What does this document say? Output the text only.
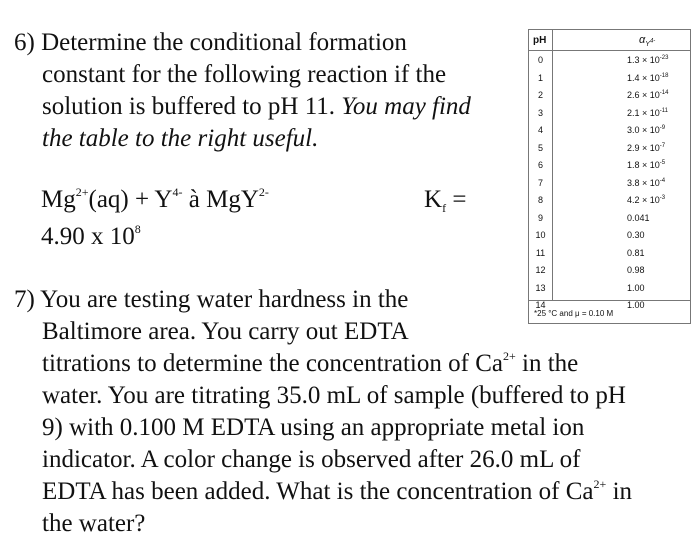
6) Determine the conditional formation
constant for the following reaction if the
solution is buffered to pH 11. You may find
the table to the right useful.
$Mg^{2+}(aq) + Y^{4-}$ à MgY$^{2-}$	$K_f$ =
4.90 x $10^8$
pH	$\alpha_{Y^{4-}}$
0	$1.3 \times 10^{-23}$
1	$1.4 \times 10^{-18}$
2	$2.6 \times 10^{-14}$
3	$2.1 \times 10^{-11}$
4	$3.0 \times 10^{-9}$
5	$2.9 \times 10^{-7}$
6	$1.8 \times 10^{-5}$
7	$3.8 \times 10^{-4}$
8	$4.2 \times 10^{-3}$
9	0.041
10	0.30
11	0.81
12	0.98
13	1.00
14	1.00
*25 °C and μ = 0.10 M
7) You are testing water hardness in the
Baltimore area. You carry out EDTA
titrations to determine the concentration of $Ca^{2+}$ in the
water. You are titrating 35.0 mL of sample (buffered to pH
9) with 0.100 M EDTA using an appropriate metal ion
indicator. A color change is observed after 26.0 mL of
EDTA has been added. What is the concentration of $Ca^{2+}$ in
the water?
